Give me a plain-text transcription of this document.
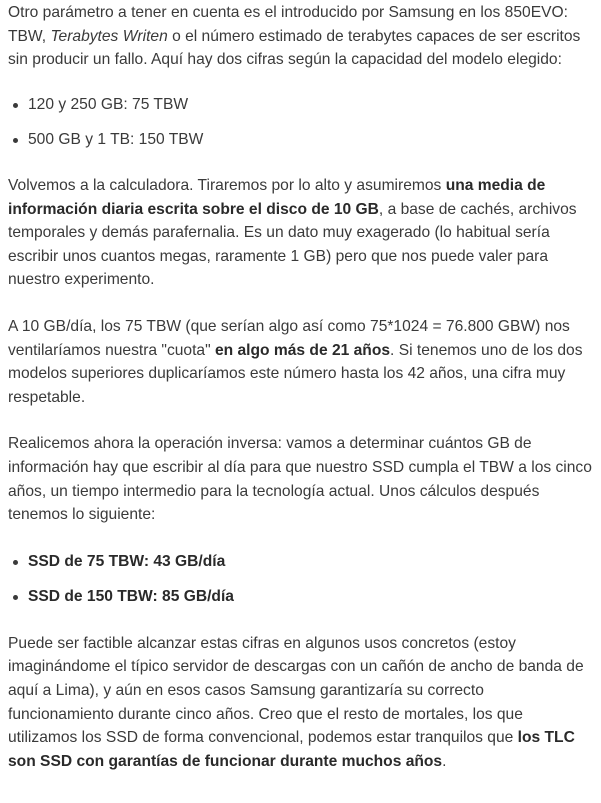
Otro parámetro a tener en cuenta es el introducido por Samsung en los 850EVO: TBW, Terabytes Writen o el número estimado de terabytes capaces de ser escritos sin producir un fallo. Aquí hay dos cifras según la capacidad del modelo elegido:

120 y 250 GB: 75 TBW
500 GB y 1 TB: 150 TBW

Volvemos a la calculadora. Tiraremos por lo alto y asumiremos una media de información diaria escrita sobre el disco de 10 GB, a base de cachés, archivos temporales y demás parafernalia. Es un dato muy exagerado (lo habitual sería escribir unos cuantos megas, raramente 1 GB) pero que nos puede valer para nuestro experimento.

A 10 GB/día, los 75 TBW (que serían algo así como 75*1024 = 76.800 GBW) nos ventilaríamos nuestra "cuota" en algo más de 21 años. Si tenemos uno de los dos modelos superiores duplicaríamos este número hasta los 42 años, una cifra muy respetable.

Realicemos ahora la operación inversa: vamos a determinar cuántos GB de información hay que escribir al día para que nuestro SSD cumpla el TBW a los cinco años, un tiempo intermedio para la tecnología actual. Unos cálculos después tenemos lo siguiente:

SSD de 75 TBW: 43 GB/día
SSD de 150 TBW: 85 GB/día

Puede ser factible alcanzar estas cifras en algunos usos concretos (estoy imaginándome el típico servidor de descargas con un cañón de ancho de banda de aquí a Lima), y aún en esos casos Samsung garantizaría su correcto funcionamiento durante cinco años. Creo que el resto de mortales, los que utilizamos los SSD de forma convencional, podemos estar tranquilos que los TLC son SSD con garantías de funcionar durante muchos años.
